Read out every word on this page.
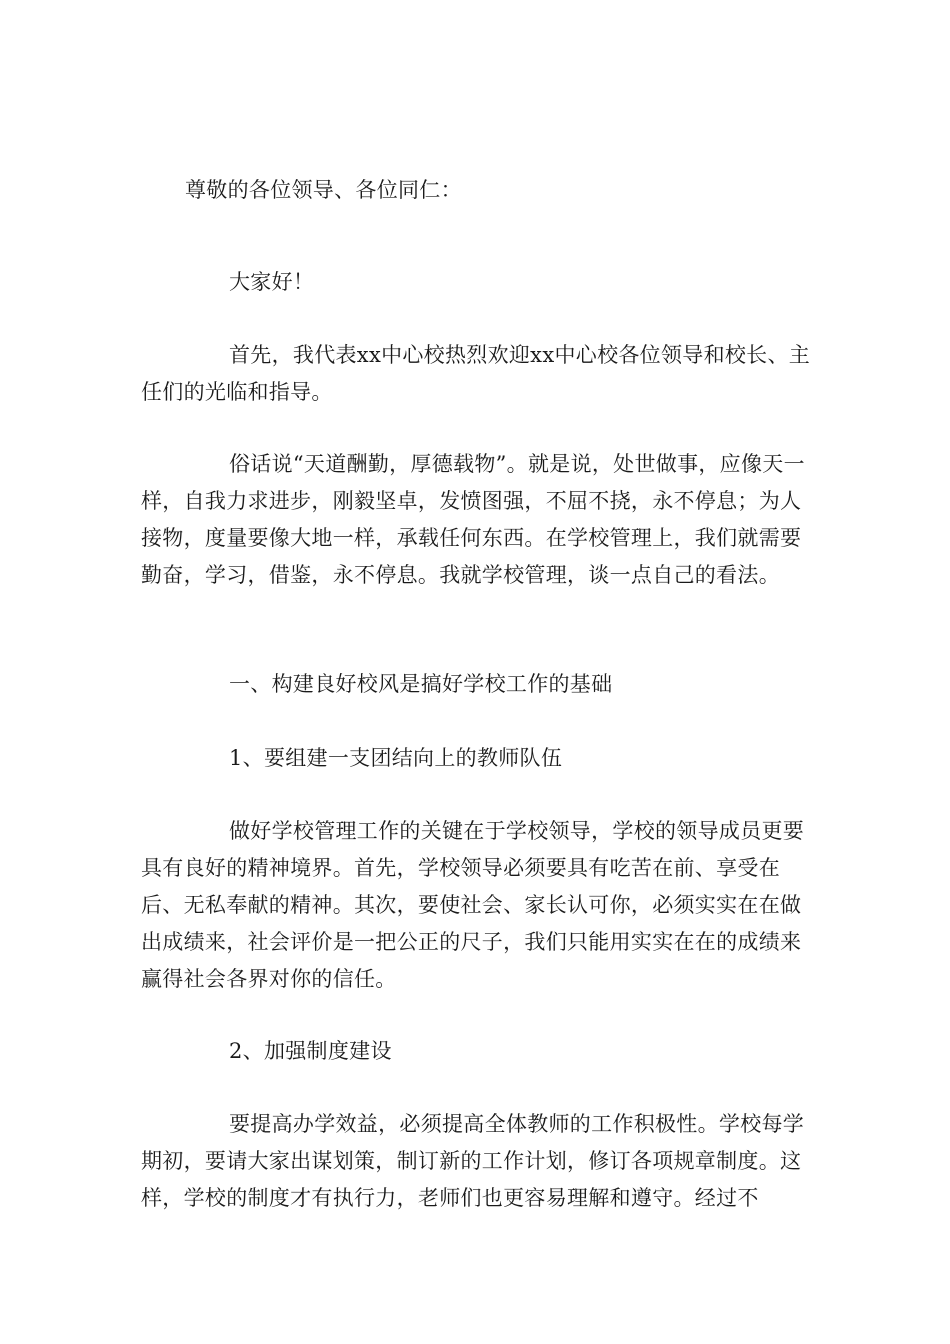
尊敬的各位领导、各位同仁：

大家好！

首先，我代表xx中心校热烈欢迎xx中心校各位领导和校长、主任们的光临和指导。

俗话说“天道酬勤，厚德载物”。就是说，处世做事，应像天一样，自我力求进步，刚毅坚卓，发愤图强，不屈不挠，永不停息；为人接物，度量要像大地一样，承载任何东西。在学校管理上，我们就需要勤奋，学习，借鉴，永不停息。我就学校管理，谈一点自己的看法。

一、构建良好校风是搞好学校工作的基础

1、要组建一支团结向上的教师队伍

做好学校管理工作的关键在于学校领导，学校的领导成员更要具有良好的精神境界。首先，学校领导必须要具有吃苦在前、享受在后、无私奉献的精神。其次，要使社会、家长认可你，必须实实在在做出成绩来，社会评价是一把公正的尺子，我们只能用实实在在的成绩来赢得社会各界对你的信任。

2、加强制度建设

要提高办学效益，必须提高全体教师的工作积极性。学校每学期初，要请大家出谋划策，制订新的工作计划，修订各项规章制度。这样，学校的制度才有执行力，老师们也更容易理解和遵守。经过不
